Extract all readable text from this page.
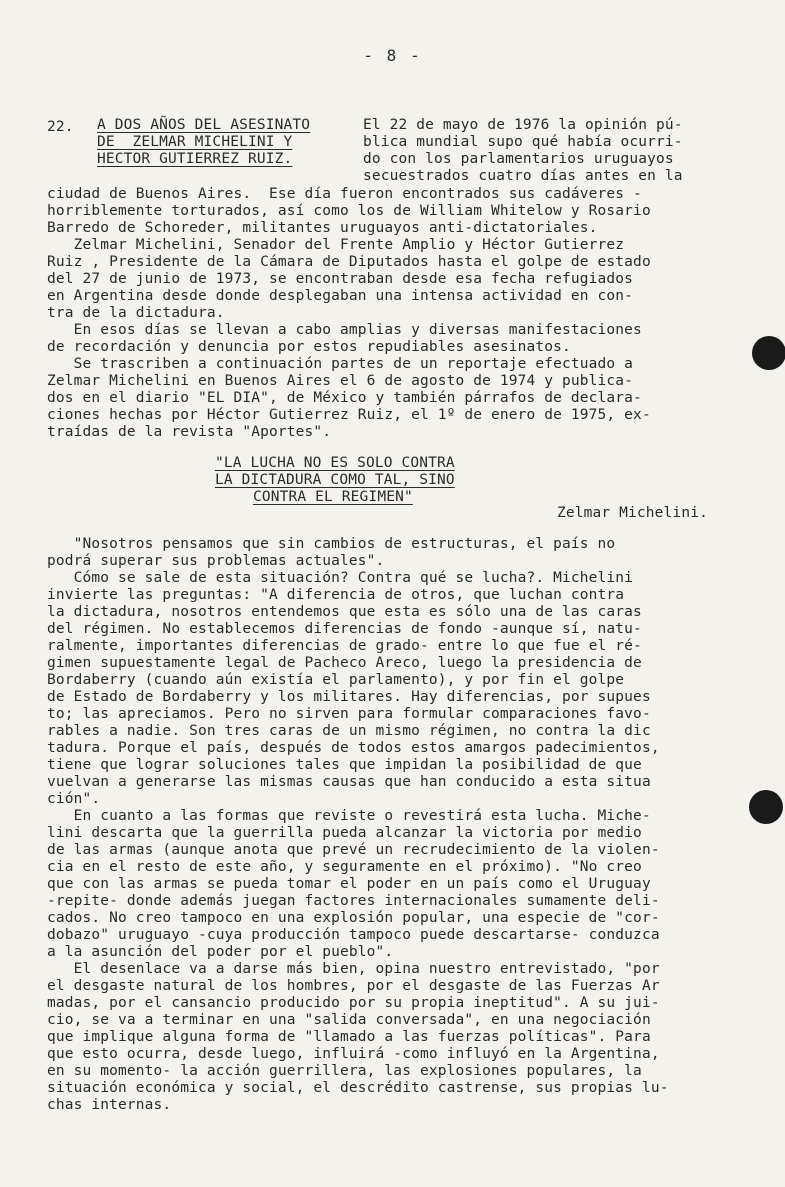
- 8 -
22. A DOS AÑOS DEL ASESINATO
DE  ZELMAR MICHELINI Y
HECTOR GUTIERREZ RUIZ.
El 22 de mayo de 1976 la opinión pú-
blica mundial supo qué había ocurri-
do con los parlamentarios uruguayos
secuestrados cuatro días antes en la
ciudad de Buenos Aires.  Ese día fueron encontrados sus cadáveres -
horriblemente torturados, así como los de William Whitelow y Rosario
Barredo de Schoreder, militantes uruguayos anti-dictatoriales.
Zelmar Michelini, Senador del Frente Amplio y Héctor Gutierrez
Ruiz , Presidente de la Cámara de Diputados hasta el golpe de estado
del 27 de junio de 1973, se encontraban desde esa fecha refugiados
en Argentina desde donde desplegaban una intensa actividad en con-
tra de la dictadura.
En esos días se llevan a cabo amplias y diversas manifestaciones
de recordación y denuncia por estos repudiables asesinatos.
Se trascriben a continuación partes de un reportaje efectuado a
Zelmar Michelini en Buenos Aires el 6 de agosto de 1974 y publica-
dos en el diario "EL DIA", de México y también párrafos de declara-
ciones hechas por Héctor Gutierrez Ruiz, el 1º de enero de 1975, ex-
traídas de la revista "Aportes".
"LA LUCHA NO ES SOLO CONTRA
LA DICTADURA COMO TAL, SINO
CONTRA EL REGIMEN"
Zelmar Michelini.
"Nosotros pensamos que sin cambios de estructuras, el país no
podrá superar sus problemas actuales".
Cómo se sale de esta situación? Contra qué se lucha?. Michelini
invierte las preguntas: "A diferencia de otros, que luchan contra
la dictadura, nosotros entendemos que esta es sólo una de las caras
del régimen. No establecemos diferencias de fondo -aunque sí, natu-
ralmente, importantes diferencias de grado- entre lo que fue el ré-
gimen supuestamente legal de Pacheco Areco, luego la presidencia de
Bordaberry (cuando aún existía el parlamento), y por fin el golpe
de Estado de Bordaberry y los militares. Hay diferencias, por supues
to; las apreciamos. Pero no sirven para formular comparaciones favo-
rables a nadie. Son tres caras de un mismo régimen, no contra la dic
tadura. Porque el país, después de todos estos amargos padecimientos,
tiene que lograr soluciones tales que impidan la posibilidad de que
vuelvan a generarse las mismas causas que han conducido a esta situa
ción".
En cuanto a las formas que reviste o revestirá esta lucha. Miche-
lini descarta que la guerrilla pueda alcanzar la victoria por medio
de las armas (aunque anota que prevé un recrudecimiento de la violen-
cia en el resto de este año, y seguramente en el próximo). "No creo
que con las armas se pueda tomar el poder en un país como el Uruguay
-repite- donde además juegan factores internacionales sumamente deli-
cados. No creo tampoco en una explosión popular, una especie de "cor-
dobazo" uruguayo -cuya producción tampoco puede descartarse- conduzca
a la asunción del poder por el pueblo".
El desenlace va a darse más bien, opina nuestro entrevistado, "por
el desgaste natural de los hombres, por el desgaste de las Fuerzas Ar
madas, por el cansancio producido por su propia ineptitud". A su jui-
cio, se va a terminar en una "salida conversada", en una negociación
que implique alguna forma de "llamado a las fuerzas políticas". Para
que esto ocurra, desde luego, influirá -como influyó en la Argentina,
en su momento- la acción guerrillera, las explosiones populares, la
situación económica y social, el descrédito castrense, sus propias lu-
chas internas.
